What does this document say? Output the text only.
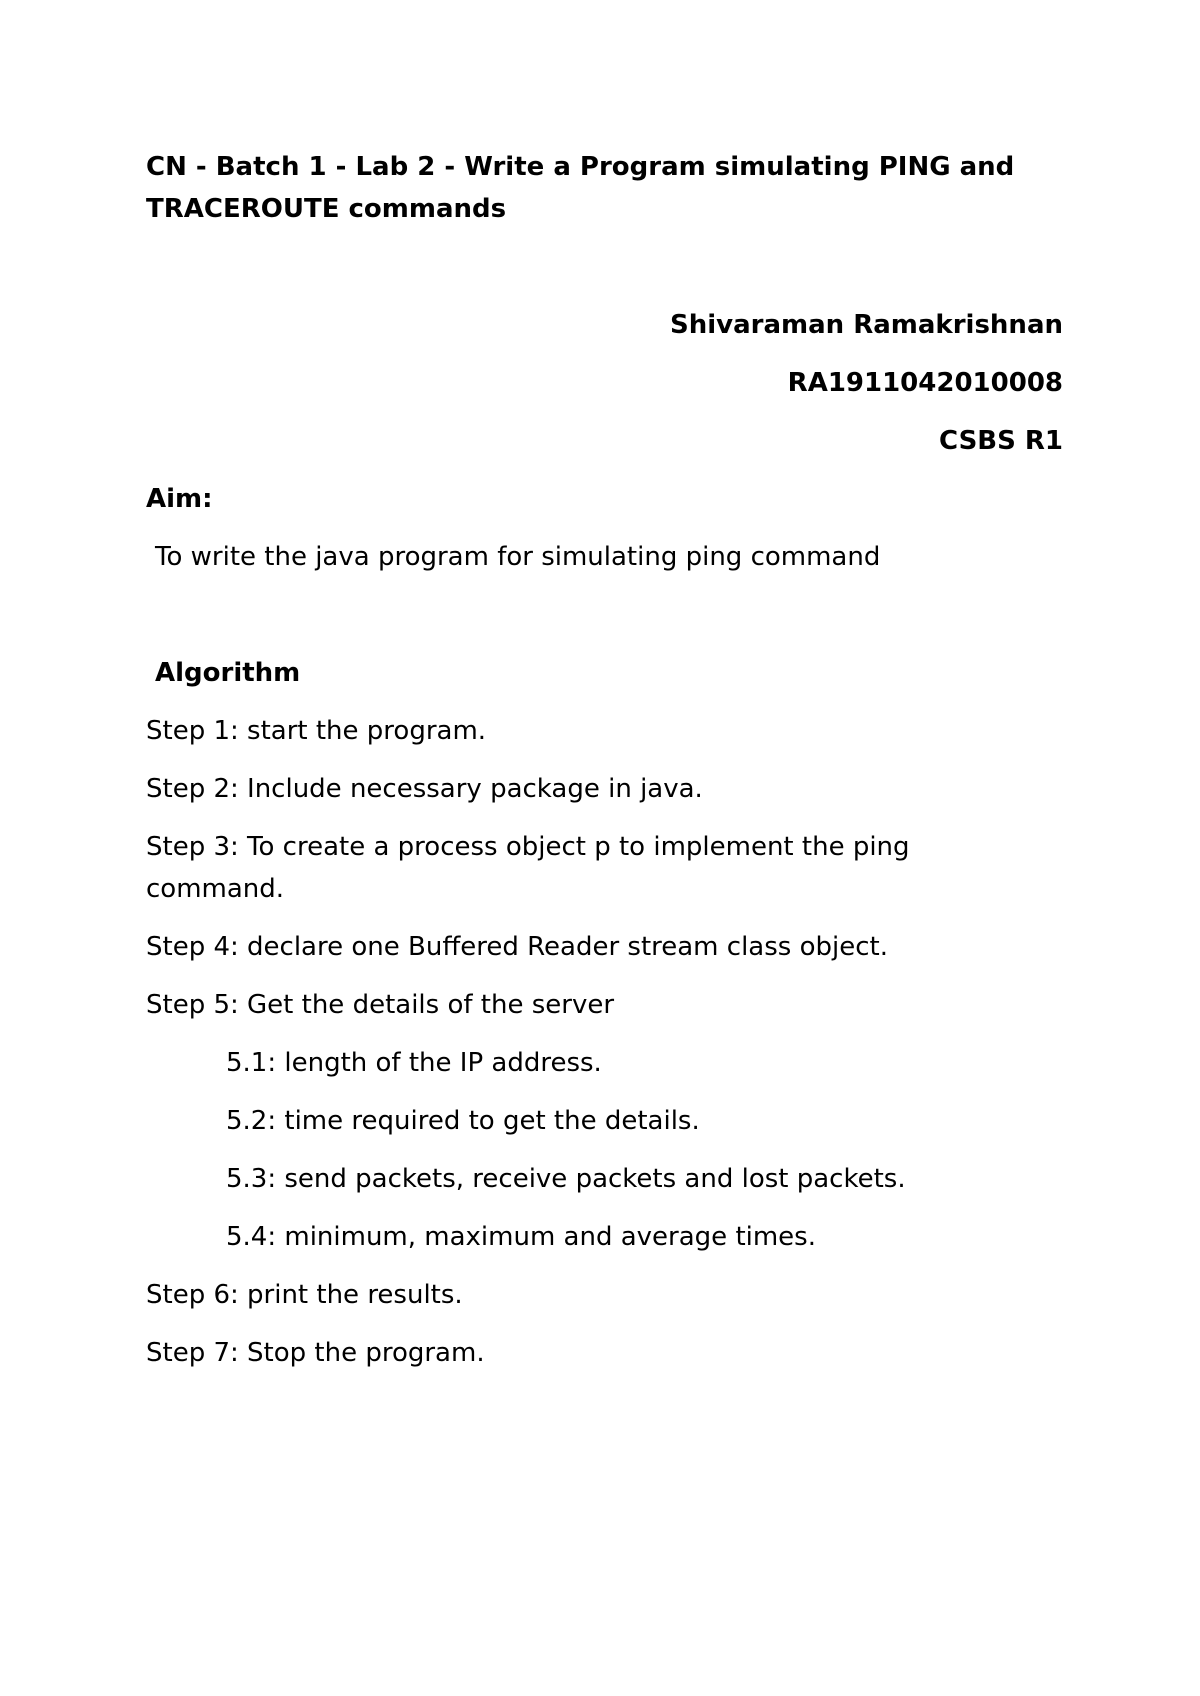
CN - Batch 1 - Lab 2 - Write a Program simulating PING and TRACEROUTE commands
Shivaraman Ramakrishnan
RA1911042010008
CSBS R1
Aim:
To write the java program for simulating ping command
Algorithm
Step 1: start the program.
Step 2: Include necessary package in java.
Step 3: To create a process object p to implement the ping command.
Step 4: declare one Buffered Reader stream class object.
Step 5: Get the details of the server
5.1: length of the IP address.
5.2: time required to get the details.
5.3: send packets, receive packets and lost packets.
5.4: minimum, maximum and average times.
Step 6: print the results.
Step 7: Stop the program.
